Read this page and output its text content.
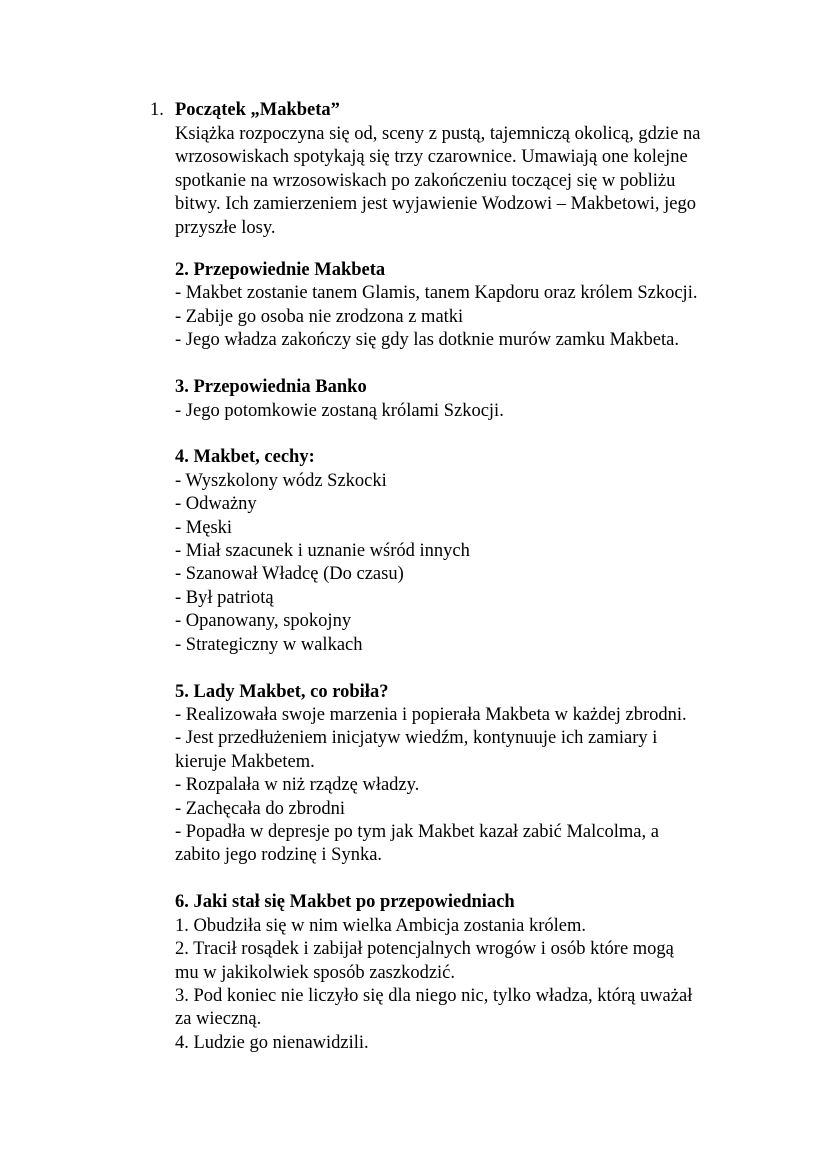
1. Początek „Makbeta”
Książka rozpoczyna się od, sceny z pustą, tajemniczą okolicą, gdzie na
wrzosowiskach spotykają się trzy czarownice. Umawiają one kolejne
spotkanie na wrzosowiskach po zakończeniu toczącej się w pobliżu
bitwy. Ich zamierzeniem jest wyjawienie Wodzowi – Makbetowi, jego
przyszłe losy.
2. Przepowiednie Makbeta
- Makbet zostanie tanem Glamis, tanem Kapdoru oraz królem Szkocji.
- Zabije go osoba nie zrodzona z matki
- Jego władza zakończy się gdy las dotknie murów zamku Makbeta.
3. Przepowiednia Banko
- Jego potomkowie zostaną królami Szkocji.
4. Makbet, cechy:
- Wyszkolony wódz Szkocki
- Odważny
- Męski
- Miał szacunek i uznanie wśród innych
- Szanował Władcę (Do czasu)
- Był patriotą
- Opanowany, spokojny
- Strategiczny w walkach
5. Lady Makbet, co robiła?
- Realizowała swoje marzenia i popierała Makbeta w każdej zbrodni.
- Jest przedłużeniem inicjatyw wiedźm, kontynuuje ich zamiary i
kieruje Makbetem.
- Rozpalała w niż rządzę władzy.
- Zachęcała do zbrodni
- Popadła w depresje po tym jak Makbet kazał zabić Malcolma, a
zabito jego rodzinę i Synka.
6. Jaki stał się Makbet po przepowiedniach
1. Obudziła się w nim wielka Ambicja zostania królem.
2. Tracił rosądek i zabijał potencjalnych wrogów i osób które mogą
mu w jakikolwiek sposób zaszkodzić.
3. Pod koniec nie liczyło się dla niego nic, tylko władza, którą uważał
za wieczną.
4. Ludzie go nienawidzili.
